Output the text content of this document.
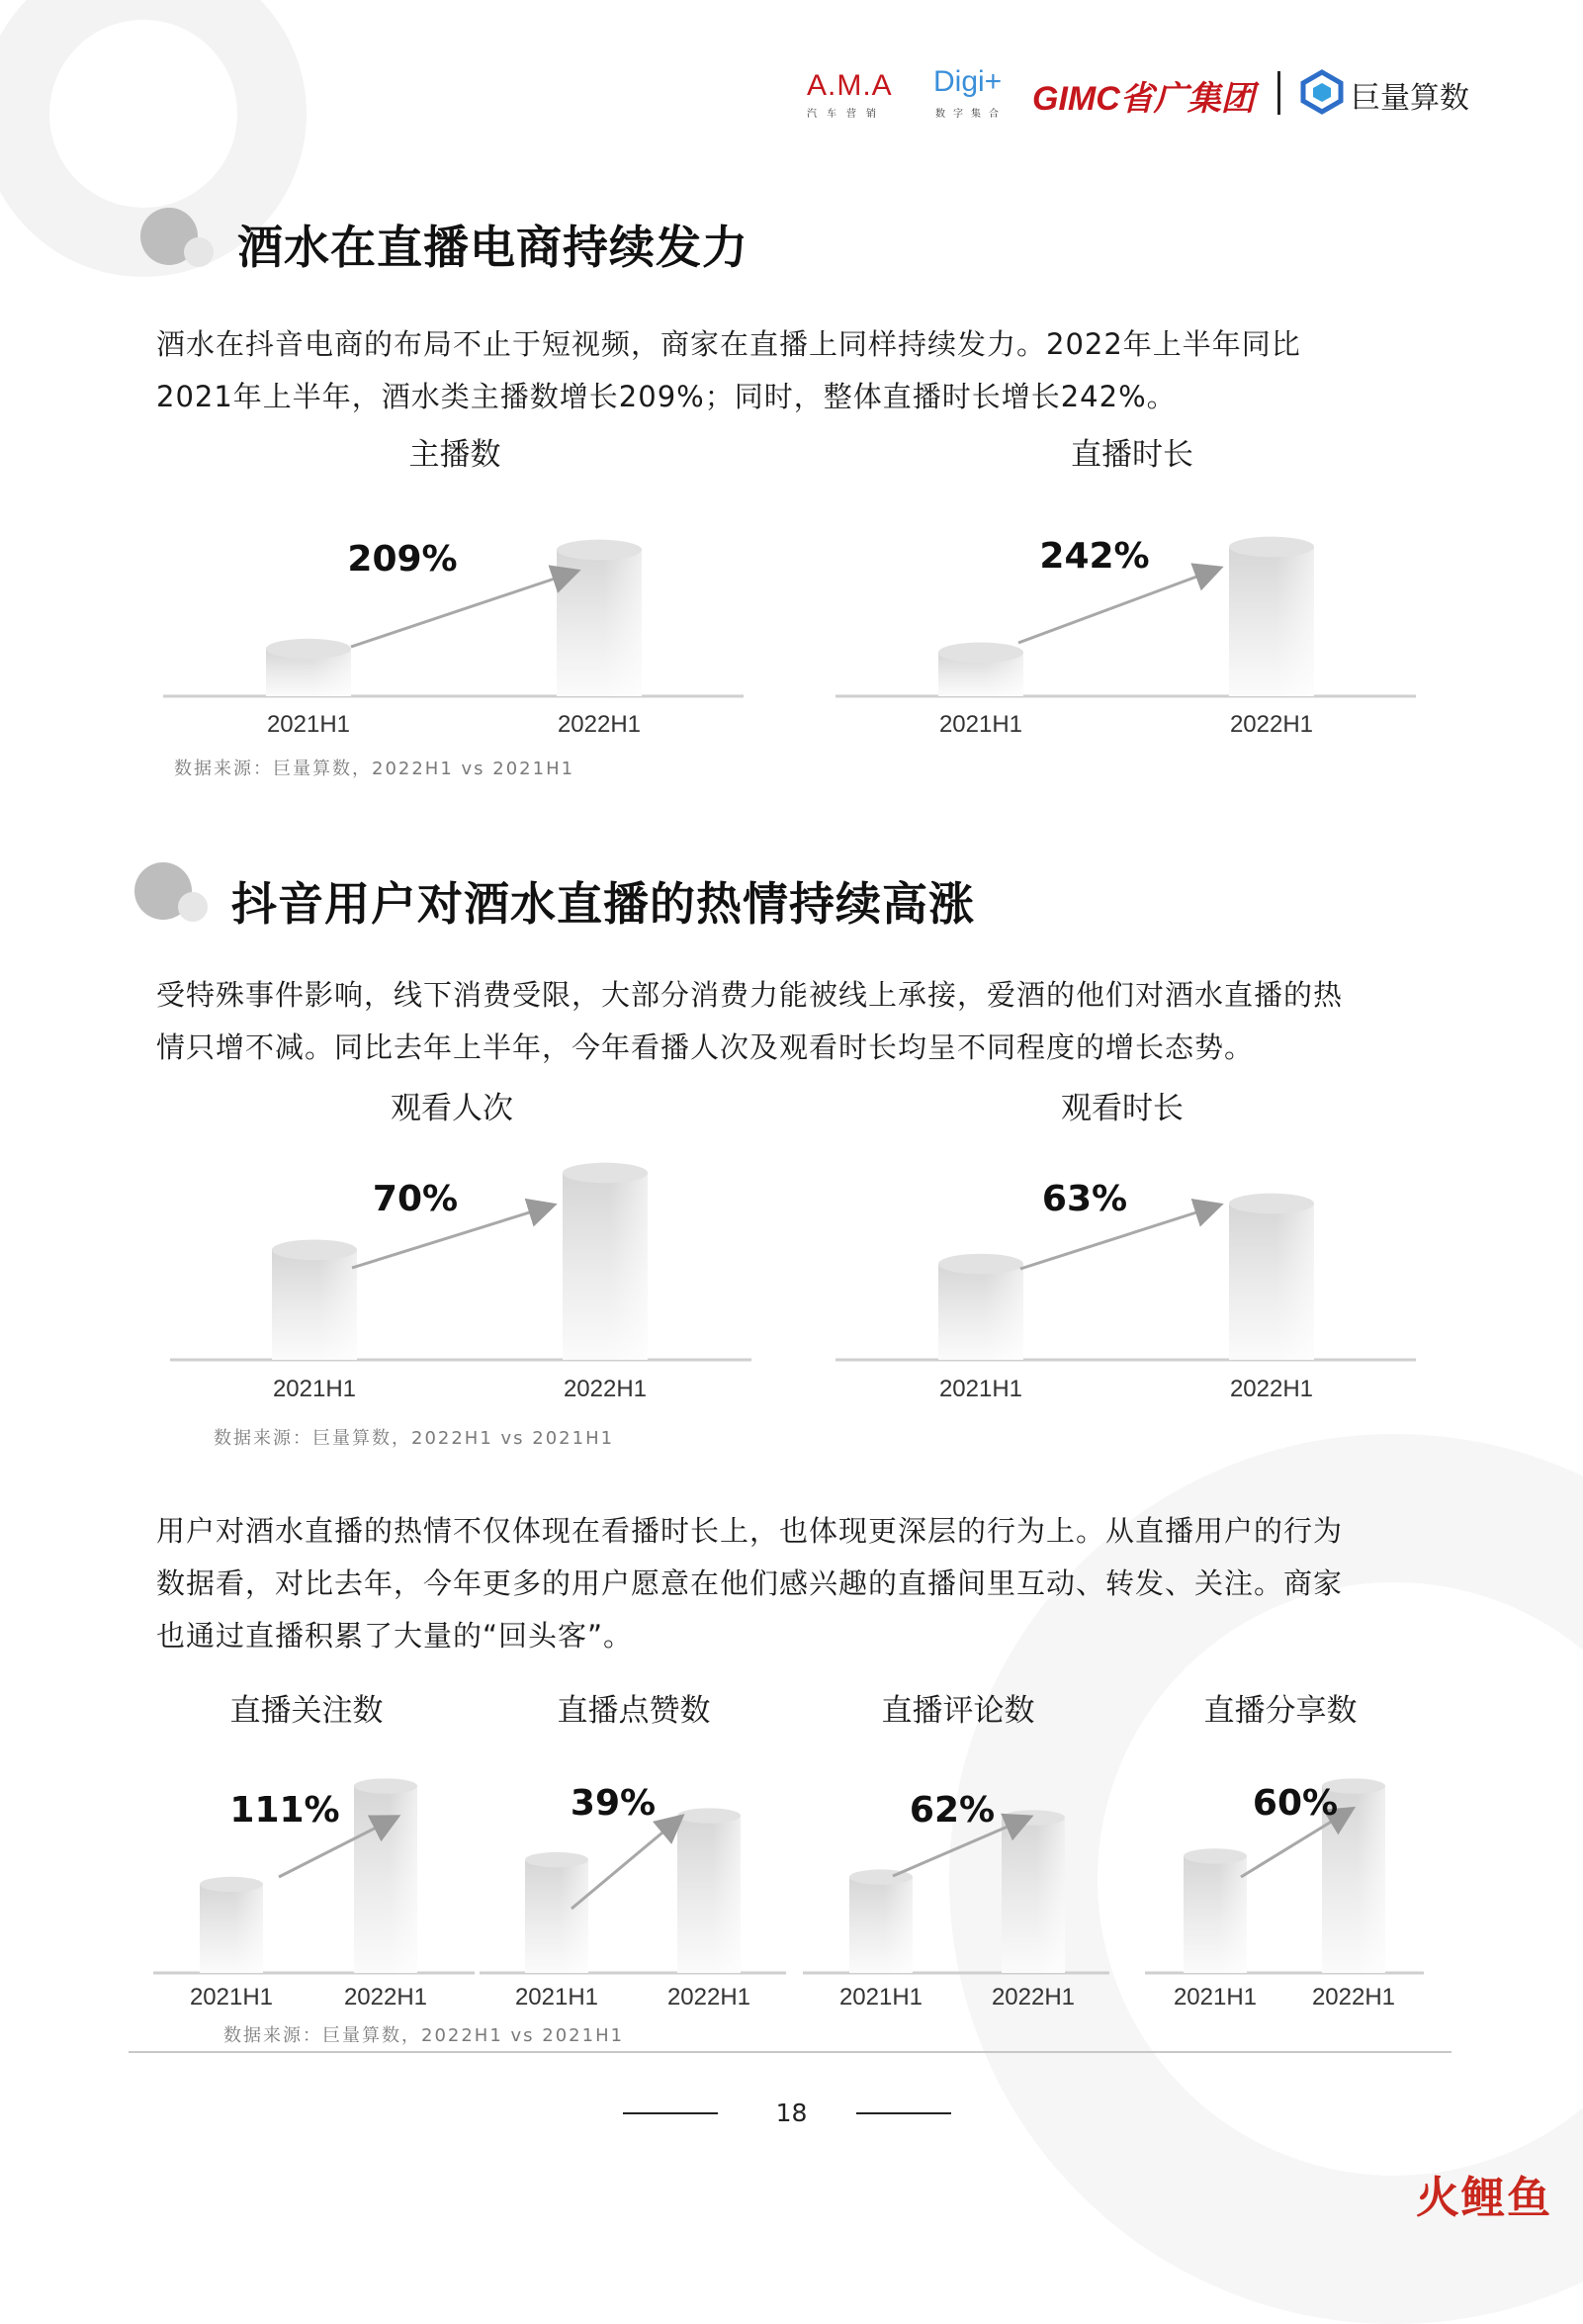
A.M.A
汽车营销
Digi+
数字集合 GIMC省广集团	巨量算数
酒水在直播电商持续发力

酒水在抖音电商的布局不止于短视频，商家在直播上同样持续发力。2022年上半年同比

2021年上半年，酒水类主播数增长209%；同时，整体直播时长增长242%。

2021H1	2022H1
209%
主播数
2021H1	2022H1
242%
直播时长
数据来源：巨量算数，2022H1 vs 2021H1
抖音用户对酒水直播的热情持续高涨

受特殊事件影响，线下消费受限，大部分消费力能被线上承接，爱酒的他们对酒水直播的热

情只增不减。同比去年上半年，今年看播人次及观看时长均呈不同程度的增长态势。

2021H1	2022H1
70%
观看人次
2021H1	2022H1
63%
观看时长
数据来源：巨量算数，2022H1 vs 2021H1

用户对酒水直播的热情不仅体现在看播时长上，也体现更深层的行为上。从直播用户的行为

数据看，对比去年，今年更多的用户愿意在他们感兴趣的直播间里互动、转发、关注。商家

也通过直播积累了大量的“回头客”。

2021H1	2022H1
111%
直播关注数
2021H1	2022H1
39%
直播点赞数
2021H1	2022H1
62%
直播评论数
2021H1 2022H1
60%
直播分享数
数据来源：巨量算数，2022H1 vs 2021H1
18
火鲤鱼
